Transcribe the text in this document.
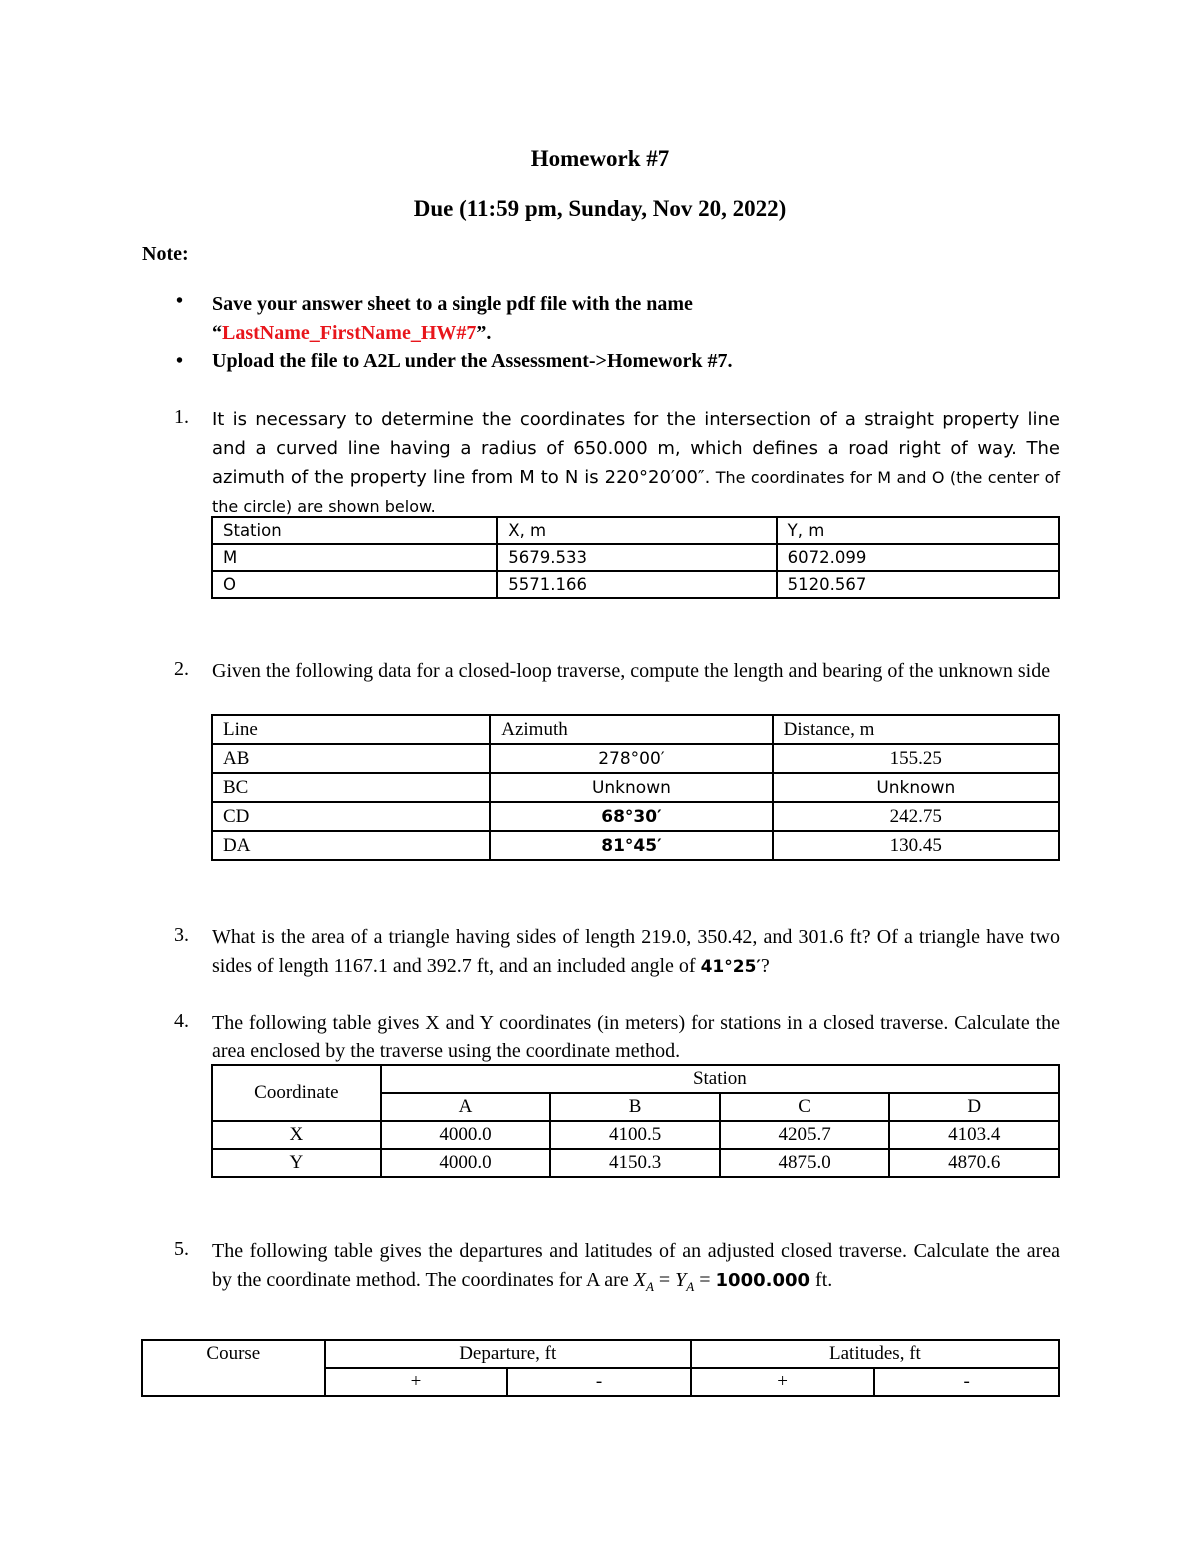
Homework #7
Due (11:59 pm, Sunday, Nov 20, 2022)
Note:
• Save your answer sheet to a single pdf file with the name
“LastName_FirstName_HW#7”.
• Upload the file to A2L under the Assessment->Homework #7.
1. It is necessary to determine the coordinates for the intersection of a straight property line and a curved line having a radius of 650.000 m, which defines a road right of way. The azimuth of the property line from M to N is 220°20′00″. The coordinates for M and O (the center of the circle) are shown below.
Station	X, m	Y, m
M	5679.533	6072.099
O	5571.166	5120.567
2. Given the following data for a closed-loop traverse, compute the length and bearing of the unknown side
Line	Azimuth	Distance, m
AB	278°00′	155.25
BC	Unknown	Unknown
CD	68°30′	242.75
DA	81°45′	130.45
3. What is the area of a triangle having sides of length 219.0, 350.42, and 301.6 ft? Of a triangle have two sides of length 1167.1 and 392.7 ft, and an included angle of 41°25′?
4. The following table gives X and Y coordinates (in meters) for stations in a closed traverse. Calculate the area enclosed by the traverse using the coordinate method.
Coordinate	Station			
	A	B	C	D
X	4000.0	4100.5	4205.7	4103.4
Y	4000.0	4150.3	4875.0	4870.6
5. The following table gives the departures and latitudes of an adjusted closed traverse. Calculate the area by the coordinate method. The coordinates for A are $X_A = Y_A = 1000.000$ ft.
Course	Departure, ft		Latitudes, ft	
	+	-	+	-
